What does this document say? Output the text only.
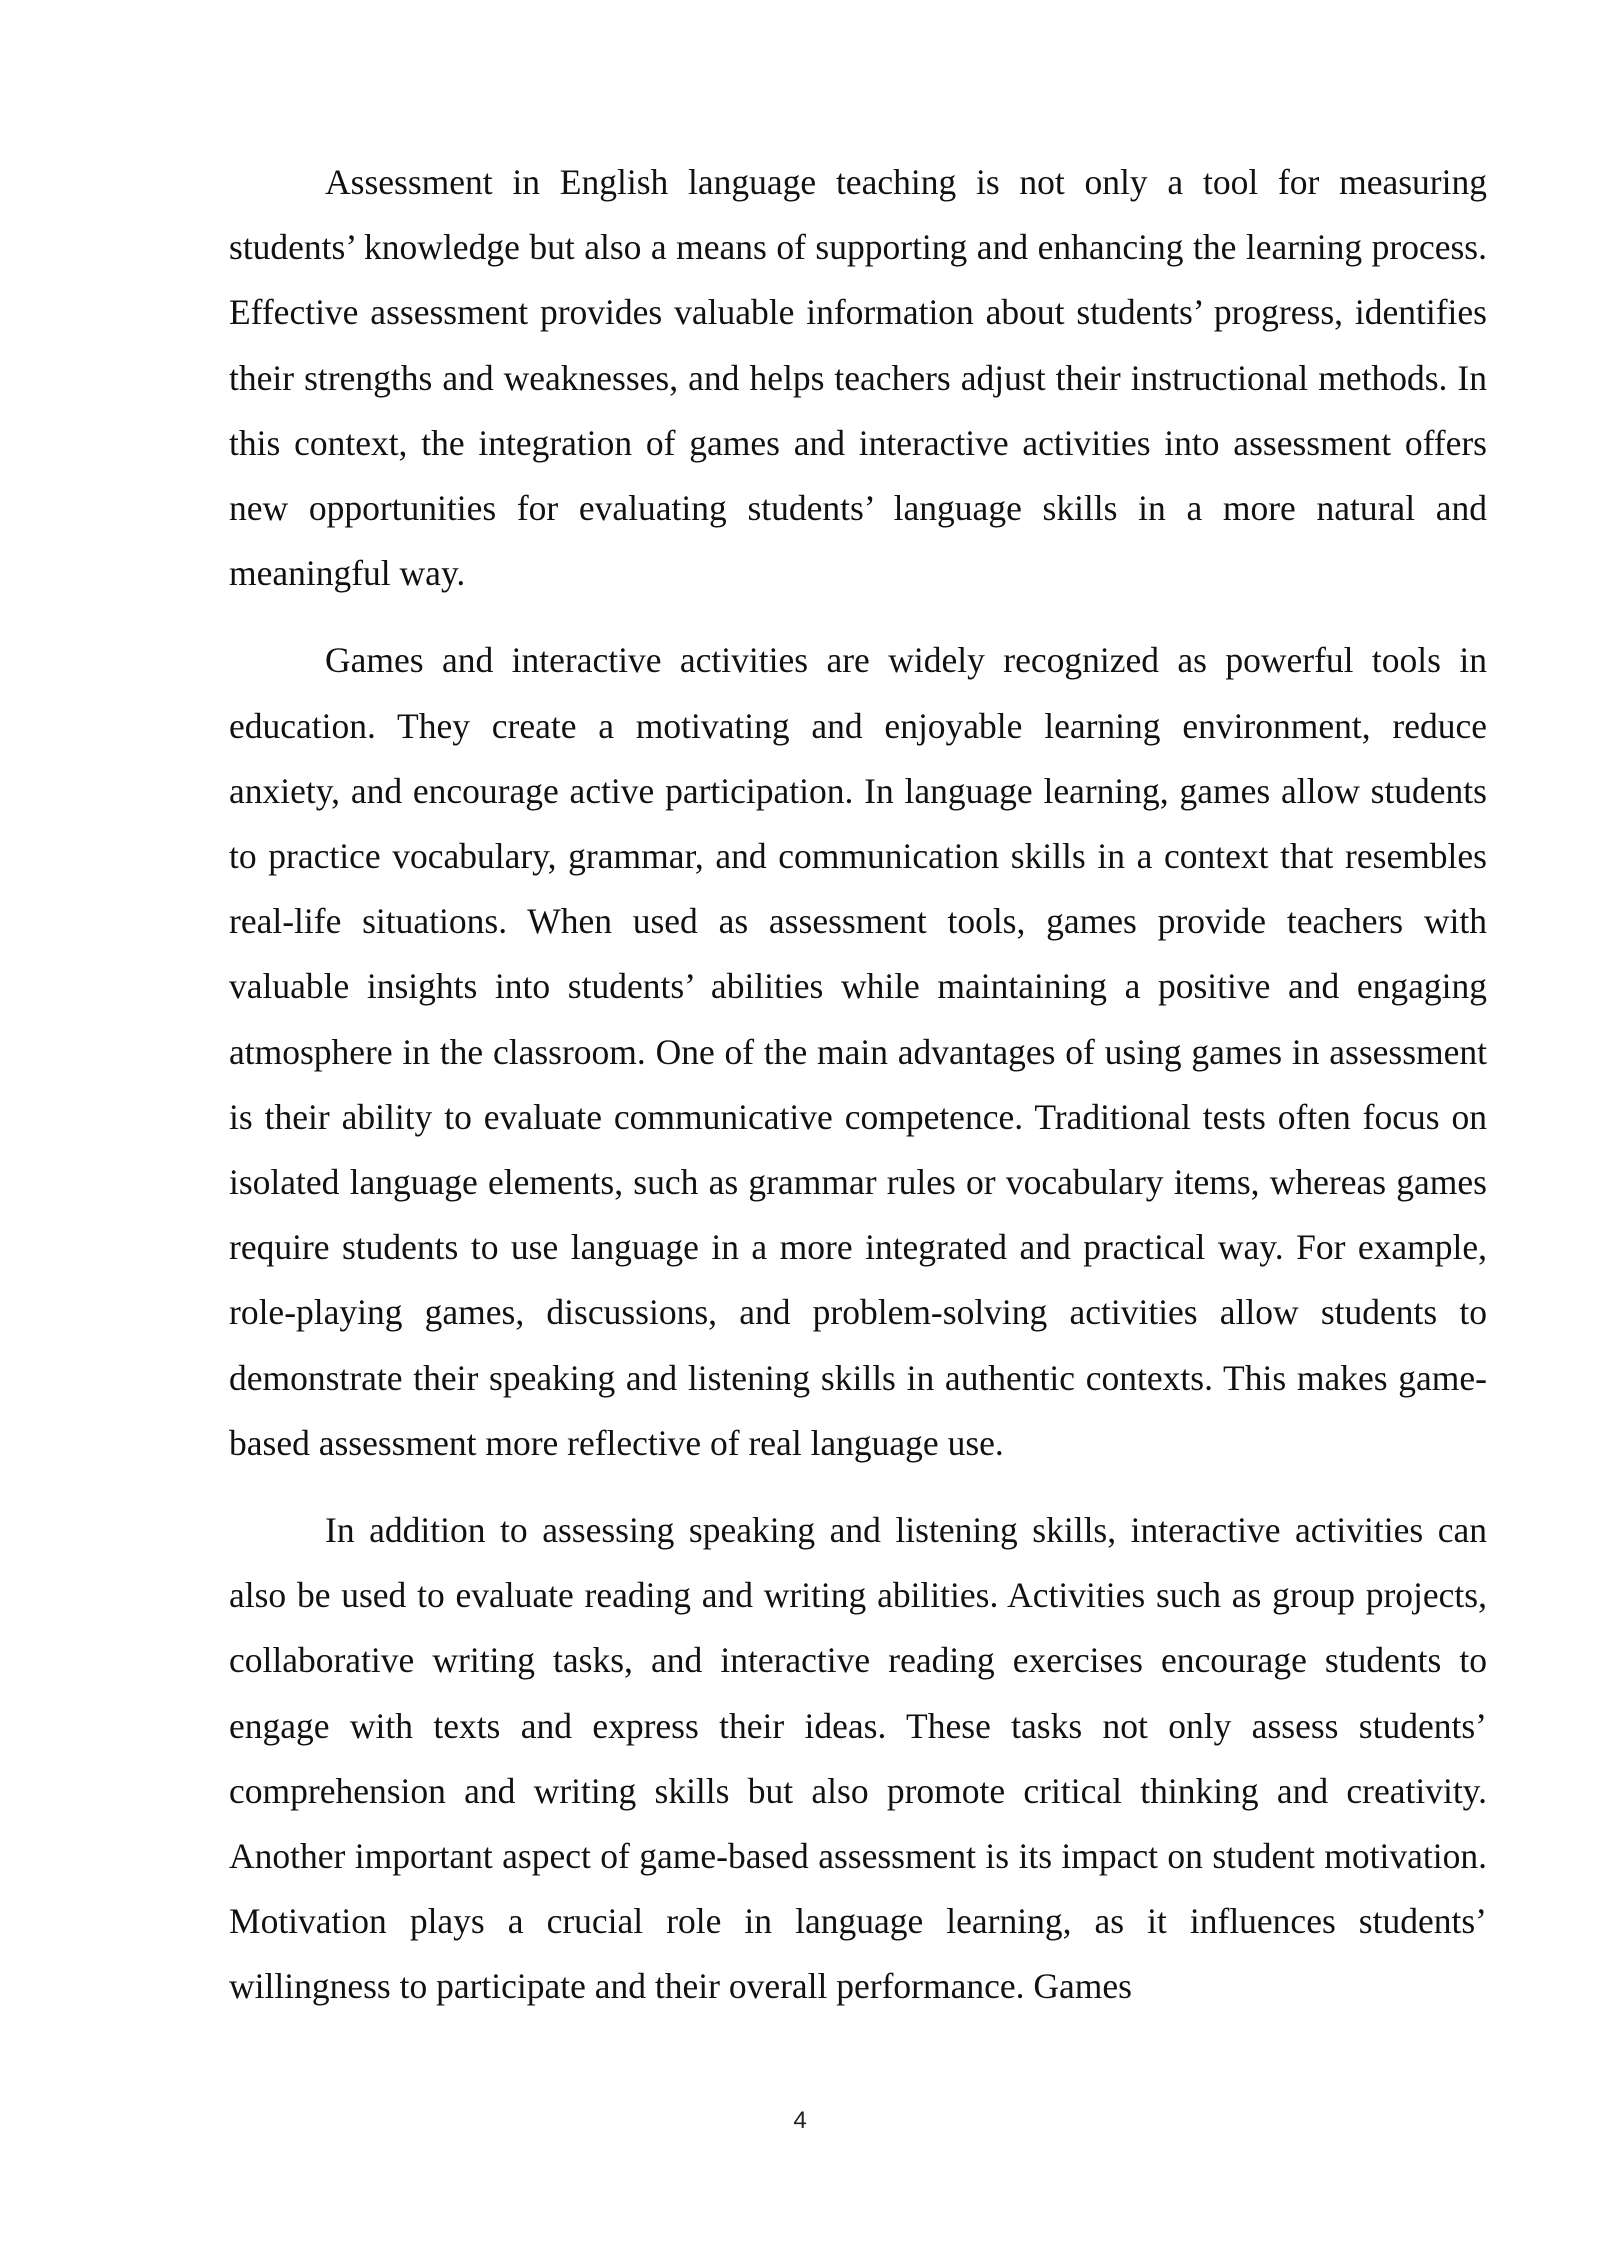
Assessment in English language teaching is not only a tool for measuring students’ knowledge but also a means of supporting and enhancing the learning process. Effective assessment provides valuable information about students’ progress, identifies their strengths and weaknesses, and helps teachers adjust their instructional methods. In this context, the integration of games and interactive activities into assessment offers new opportunities for evaluating students’ language skills in a more natural and meaningful way.

Games and interactive activities are widely recognized as powerful tools in education. They create a motivating and enjoyable learning environment, reduce anxiety, and encourage active participation. In language learning, games allow students to practice vocabulary, grammar, and communication skills in a context that resembles real-life situations. When used as assessment tools, games provide teachers with valuable insights into students’ abilities while maintaining a positive and engaging atmosphere in the classroom. One of the main advantages of using games in assessment is their ability to evaluate communicative competence. Traditional tests often focus on isolated language elements, such as grammar rules or vocabulary items, whereas games require students to use language in a more integrated and practical way. For example, role-playing games, discussions, and problem-solving activities allow students to demonstrate their speaking and listening skills in authentic contexts. This makes game-based assessment more reflective of real language use.

In addition to assessing speaking and listening skills, interactive activities can also be used to evaluate reading and writing abilities. Activities such as group projects, collaborative writing tasks, and interactive reading exercises encourage students to engage with texts and express their ideas. These tasks not only assess students’ comprehension and writing skills but also promote critical thinking and creativity. Another important aspect of game-based assessment is its impact on student motivation. Motivation plays a crucial role in language learning, as it influences students’ willingness to participate and their overall performance. Games

4
